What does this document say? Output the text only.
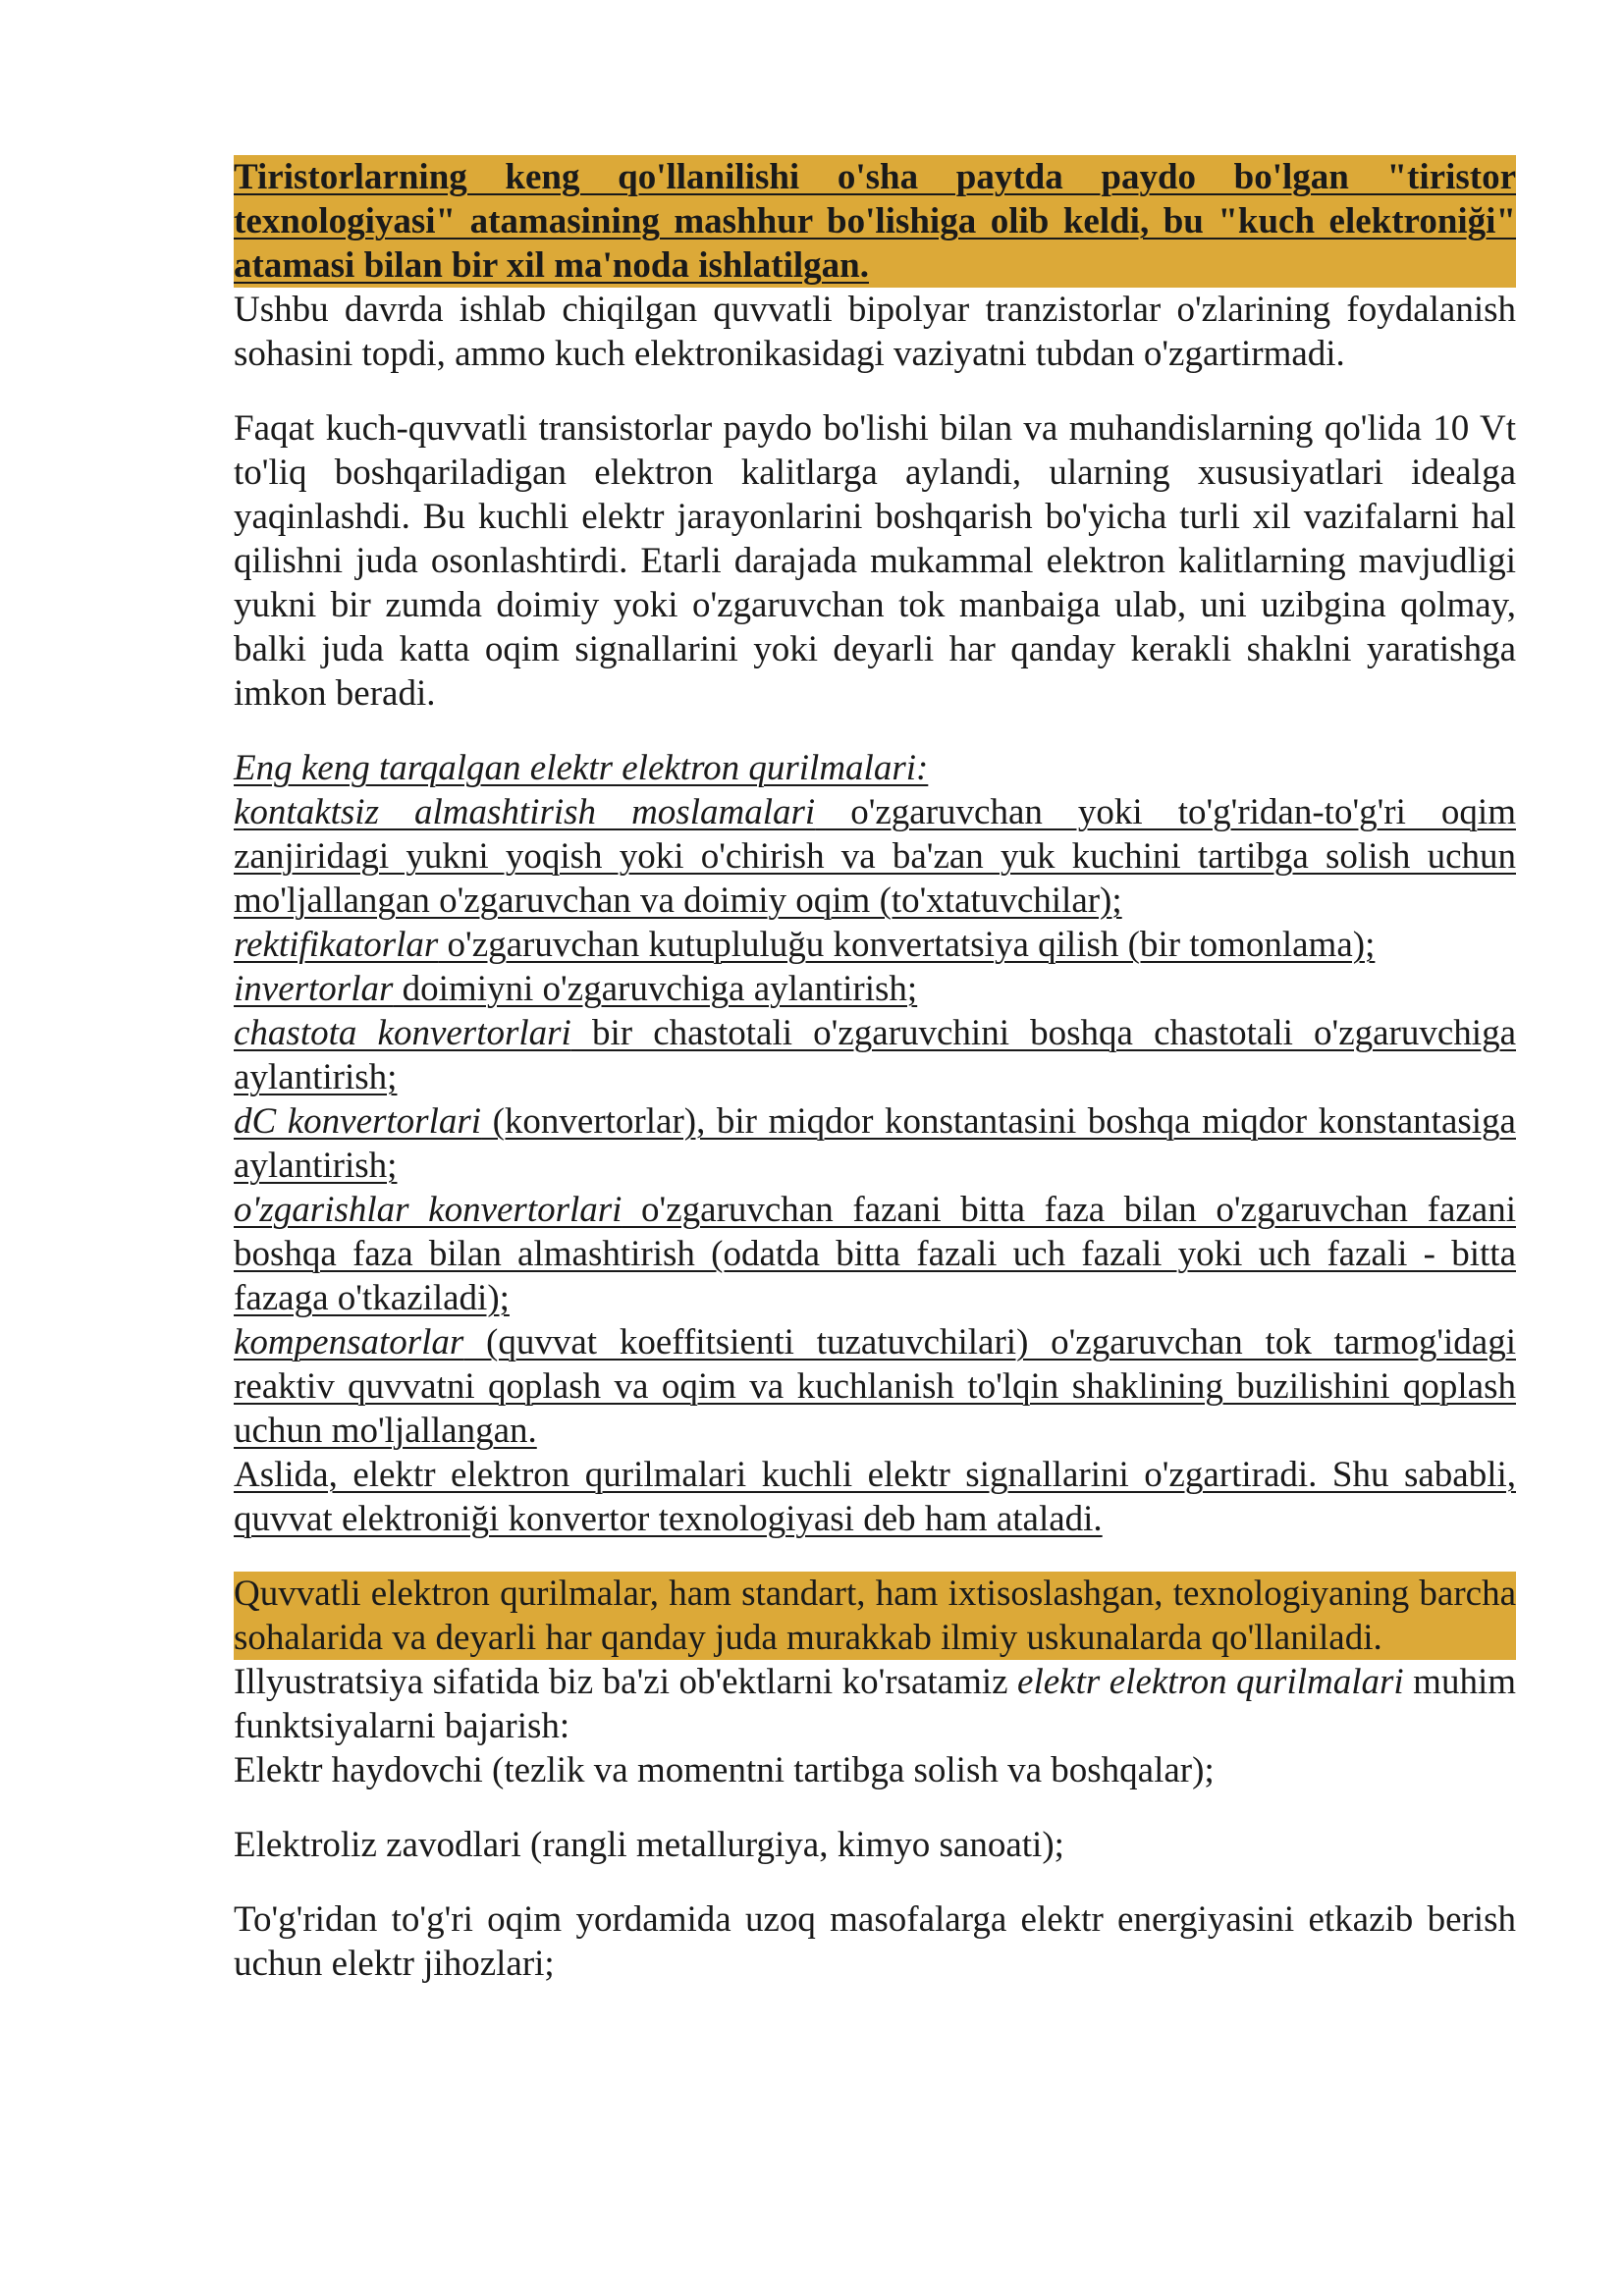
Tiristorlarning keng qo'llanilishi o'sha paytda paydo bo'lgan "tiristor texnologiyasi" atamasining mashhur bo'lishiga olib keldi, bu "kuch elektroniği" atamasi bilan bir xil ma'noda ishlatilgan.

Ushbu davrda ishlab chiqilgan quvvatli bipolyar tranzistorlar o'zlarining foydalanish sohasini topdi, ammo kuch elektronikasidagi vaziyatni tubdan o'zgartirmadi.

Faqat kuch-quvvatli transistorlar paydo bo'lishi bilan va muhandislarning qo'lida 10 Vt to'liq boshqariladigan elektron kalitlarga aylandi, ularning xususiyatlari idealga yaqinlashdi. Bu kuchli elektr jarayonlarini boshqarish bo'yicha turli xil vazifalarni hal qilishni juda osonlashtirdi. Etarli darajada mukammal elektron kalitlarning mavjudligi yukni bir zumda doimiy yoki o'zgaruvchan tok manbaiga ulab, uni uzibgina qolmay, balki juda katta oqim signallarini yoki deyarli har qanday kerakli shaklni yaratishga imkon beradi.

Eng keng tarqalgan elektr elektron qurilmalari:

kontaktsiz almashtirish moslamalari o'zgaruvchan yoki to'g'ridan-to'g'ri oqim zanjiridagi yukni yoqish yoki o'chirish va ba'zan yuk kuchini tartibga solish uchun mo'ljallangan o'zgaruvchan va doimiy oqim (to'xtatuvchilar);

rektifikatorlar o'zgaruvchan kutupluluğu konvertatsiya qilish (bir tomonlama);

invertorlar doimiyni o'zgaruvchiga aylantirish;

chastota konvertorlari bir chastotali o'zgaruvchini boshqa chastotali o'zgaruvchiga aylantirish;

dC konvertorlari (konvertorlar), bir miqdor konstantasini boshqa miqdor konstantasiga aylantirish;

o'zgarishlar konvertorlari o'zgaruvchan fazani bitta faza bilan o'zgaruvchan fazani boshqa faza bilan almashtirish (odatda bitta fazali uch fazali yoki uch fazali - bitta fazaga o'tkaziladi);

kompensatorlar (quvvat koeffitsienti tuzatuvchilari) o'zgaruvchan tok tarmog'idagi reaktiv quvvatni qoplash va oqim va kuchlanish to'lqin shaklining buzilishini qoplash uchun mo'ljallangan.

Aslida, elektr elektron qurilmalari kuchli elektr signallarini o'zgartiradi. Shu sababli, quvvat elektroniği konvertor texnologiyasi deb ham ataladi.

Quvvatli elektron qurilmalar, ham standart, ham ixtisoslashgan, texnologiyaning barcha sohalarida va deyarli har qanday juda murakkab ilmiy uskunalarda qo'llaniladi.

Illyustratsiya sifatida biz ba'zi ob'ektlarni ko'rsatamiz elektr elektron qurilmalari muhim funktsiyalarni bajarish:

Elektr haydovchi (tezlik va momentni tartibga solish va boshqalar);

Elektroliz zavodlari (rangli metallurgiya, kimyo sanoati);

To'g'ridan to'g'ri oqim yordamida uzoq masofalarga elektr energiyasini etkazib berish uchun elektr jihozlari;
